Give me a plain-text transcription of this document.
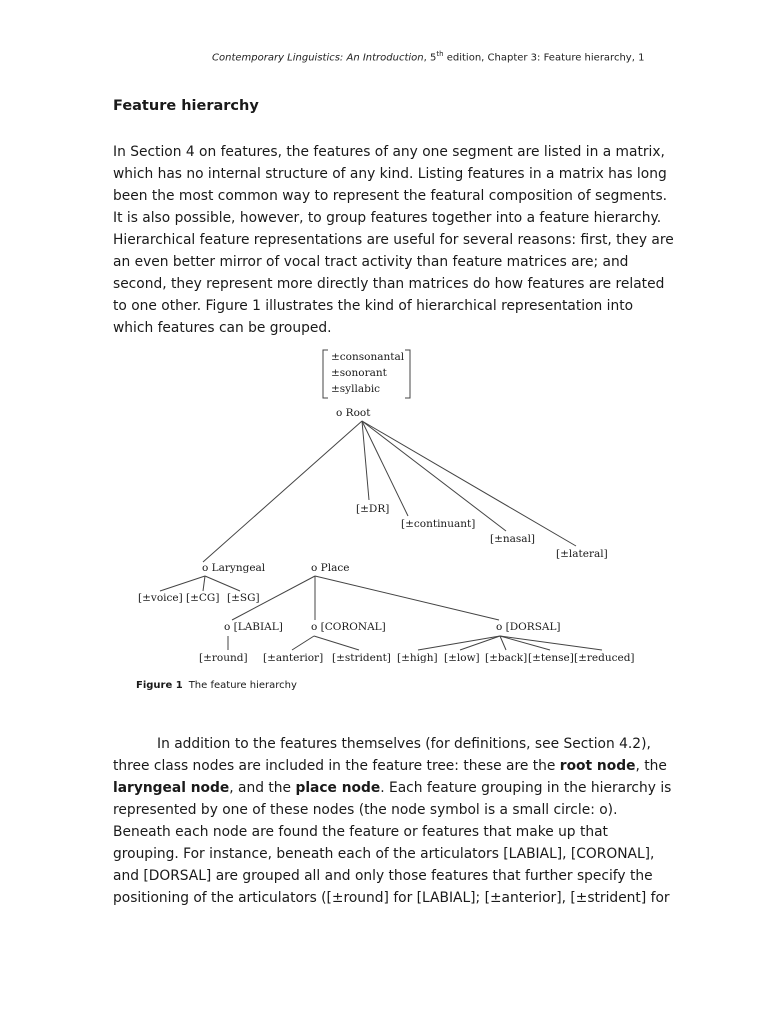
Contemporary Linguistics: An Introduction, 5th edition, Chapter 3: Feature hierarchy, 1
Feature hierarchy
In Section 4 on features, the features of any one segment are listed in a matrix,
which has no internal structure of any kind. Listing features in a matrix has long
been the most common way to represent the featural composition of segments.
It is also possible, however, to group features together into a feature hierarchy.
Hierarchical feature representations are useful for several reasons: first, they are
an even better mirror of vocal tract activity than feature matrices are; and
second, they represent more directly than matrices do how features are related
to one other. Figure 1 illustrates the kind of hierarchical representation into
which features can be grouped.
±consonantal
±sonorant
±syllabic
o Root
[±DR]
[±continuant]
[±nasal]
[±lateral]
o Laryngeal	o Place
[±voice] [±CG] [±SG]
o [LABIAL]	o [CORONAL]	o [DORSAL]
[±round] [±anterior] [±strident] [±high] [±low] [±back] [±tense] [±reduced]
Figure 1 The feature hierarchy
In addition to the features themselves (for definitions, see Section 4.2),
three class nodes are included in the feature tree: these are the root node, the
laryngeal node, and the place node. Each feature grouping in the hierarchy is
represented by one of these nodes (the node symbol is a small circle: o).
Beneath each node are found the feature or features that make up that
grouping. For instance, beneath each of the articulators [LABIAL], [CORONAL],
and [DORSAL] are grouped all and only those features that further specify the
positioning of the articulators ([±round] for [LABIAL]; [±anterior], [±strident] for
